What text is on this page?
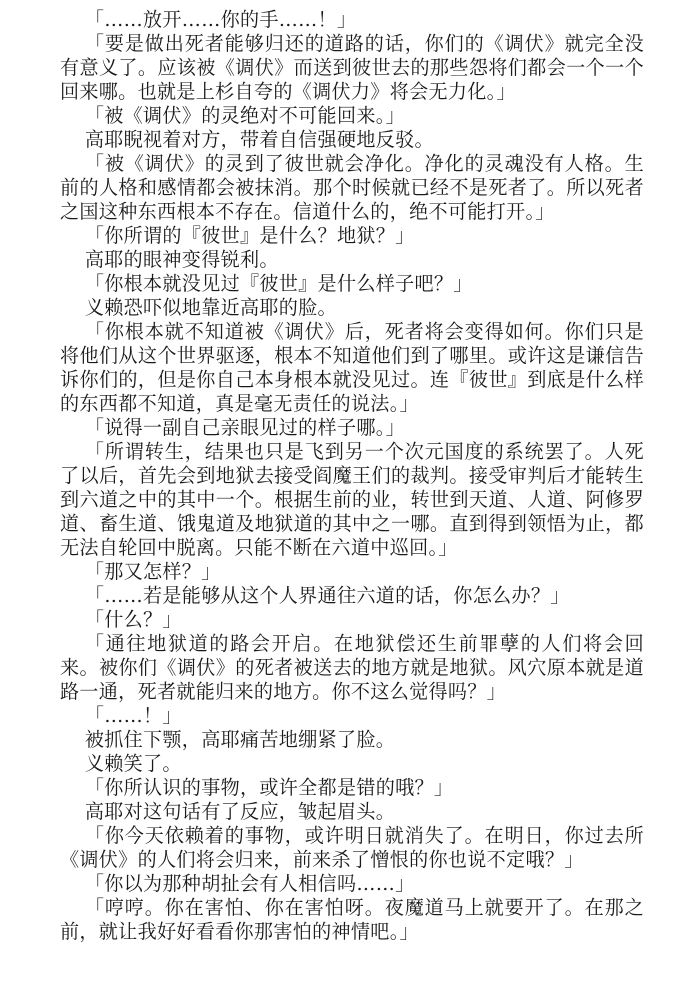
「……放开……你的手……！」

「要是做出死者能够归还的道路的话，你们的《调伏》就完全没有意义了。应该被《调伏》而送到彼世去的那些怨将们都会一个一个回来哪。也就是上杉自夸的《调伏力》将会无力化。」

「被《调伏》的灵绝对不可能回来。」

高耶睨视着对方，带着自信强硬地反驳。

「被《调伏》的灵到了彼世就会净化。净化的灵魂没有人格。生前的人格和感情都会被抹消。那个时候就已经不是死者了。所以死者之国这种东西根本不存在。信道什么的，绝不可能打开。」

「你所谓的『彼世』是什么？地狱？」

高耶的眼神变得锐利。

「你根本就没见过『彼世』是什么样子吧？」

义赖恐吓似地靠近高耶的脸。

「你根本就不知道被《调伏》后，死者将会变得如何。你们只是将他们从这个世界驱逐，根本不知道他们到了哪里。或许这是谦信告诉你们的，但是你自己本身根本就没见过。连『彼世』到底是什么样的东西都不知道，真是毫无责任的说法。」

「说得一副自己亲眼见过的样子哪。」

「所谓转生，结果也只是飞到另一个次元国度的系统罢了。人死了以后，首先会到地狱去接受阎魔王们的裁判。接受审判后才能转生到六道之中的其中一个。根据生前的业，转世到天道、人道、阿修罗道、畜生道、饿鬼道及地狱道的其中之一哪。直到得到领悟为止，都无法自轮回中脱离。只能不断在六道中巡回。」

「那又怎样？」

「……若是能够从这个人界通往六道的话，你怎么办？」

「什么？」

「通往地狱道的路会开启。在地狱偿还生前罪孽的人们将会回来。被你们《调伏》的死者被送去的地方就是地狱。风穴原本就是道路一通，死者就能归来的地方。你不这么觉得吗？」

「……！」

被抓住下颚，高耶痛苦地绷紧了脸。

义赖笑了。

「你所认识的事物，或许全都是错的哦？」

高耶对这句话有了反应，皱起眉头。

「你今天依赖着的事物，或许明日就消失了。在明日，你过去所《调伏》的人们将会归来，前来杀了憎恨的你也说不定哦？」

「你以为那种胡扯会有人相信吗……」

「哼哼。你在害怕、你在害怕呀。夜魔道马上就要开了。在那之前，就让我好好看看你那害怕的神情吧。」
